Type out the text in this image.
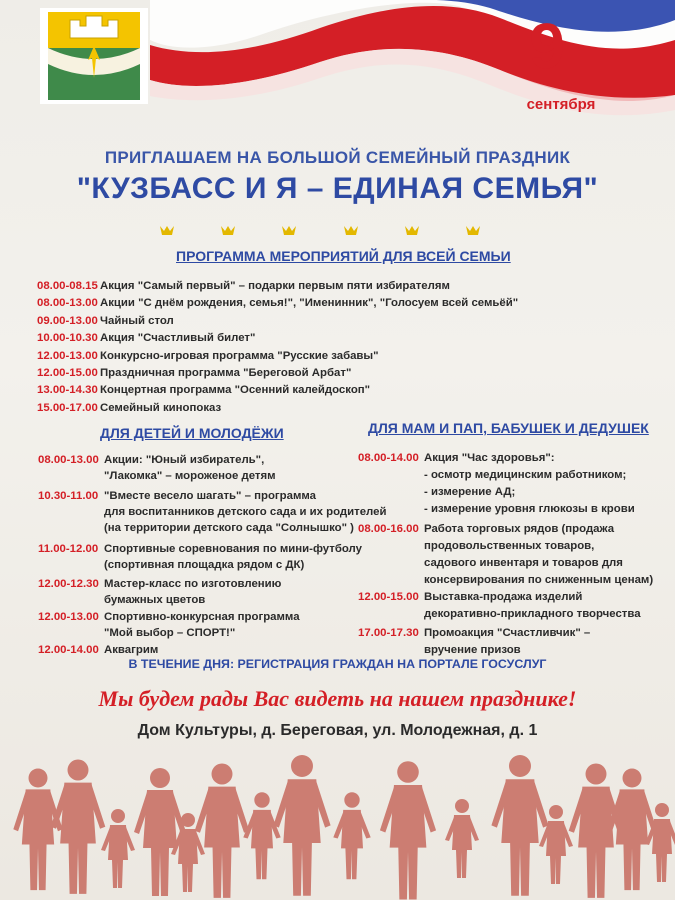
9
сентября
ПРИГЛАШАЕМ НА БОЛЬШОЙ СЕМЕЙНЫЙ ПРАЗДНИК
"КУЗБАСС И Я – ЕДИНАЯ СЕМЬЯ"
ПРОГРАММА МЕРОПРИЯТИЙ ДЛЯ ВСЕЙ СЕМЬИ
08.00-08.15 Акция "Самый первый" – подарки первым пяти избирателям
08.00-13.00 Акции "С днём рождения, семья!", "Именинник", "Голосуем всей семьёй"
09.00-13.00 Чайный стол
10.00-10.30 Акция "Счастливый билет"
12.00-13.00 Конкурсно-игровая программа "Русские забавы"
12.00-15.00 Праздничная программа "Береговой Арбат"
13.00-14.30 Концертная программа "Осенний калейдоскоп"
15.00-17.00 Семейный кинопоказ
ДЛЯ ДЕТЕЙ И МОЛОДЁЖИ	ДЛЯ МАМ И ПАП, БАБУШЕК И ДЕДУШЕК
08.00-13.00 Акции: "Юный избиратель",
"Лакомка" – мороженое детям
10.30-11.00 "Вместе весело шагать" – программа
для воспитанников детского сада и их родителей
(на территории детского сада "Солнышко" )
11.00-12.00 Спортивные соревнования по мини-футболу
(спортивная площадка рядом с ДК)
12.00-12.30 Мастер-класс по изготовлению
бумажных цветов
12.00-13.00 Спортивно-конкурсная программа
"Мой выбор – СПОРТ!"
12.00-14.00 Аквагрим
08.00-14.00 Акция "Час здоровья":
- осмотр медицинским работником;
- измерение АД;
- измерение уровня глюкозы в крови
08.00-16.00 Работа торговых рядов (продажа
продовольственных товаров,
садового инвентаря и товаров для
консервирования по сниженным ценам)
12.00-15.00 Выставка-продажа изделий
декоративно-прикладного творчества
17.00-17.30 Промоакция "Счастливчик" –
вручение призов
В ТЕЧЕНИЕ ДНЯ: РЕГИСТРАЦИЯ ГРАЖДАН НА ПОРТАЛЕ ГОСУСЛУГ
Мы будем рады Вас видеть на нашем празднике!
Дом Культуры, д. Береговая, ул. Молодежная, д. 1
